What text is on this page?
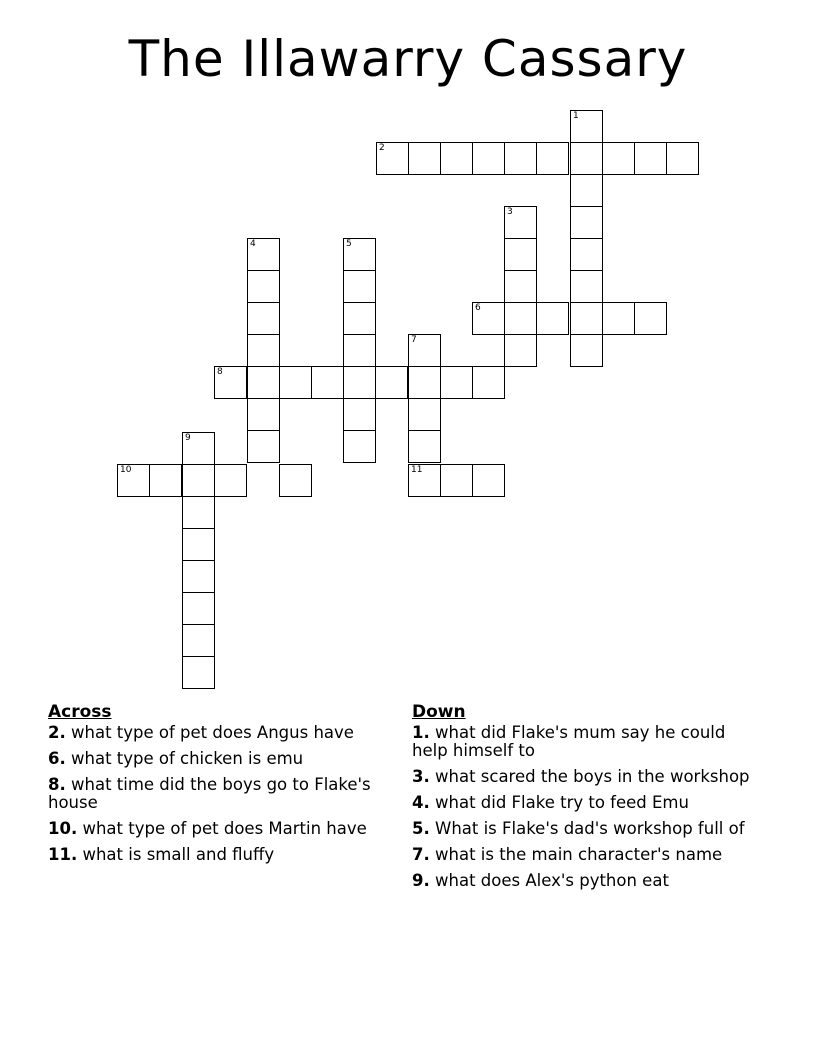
The Illawarry Cassary
1
2
3
4	5
6
7
8
9
10	11
Across
2. what type of pet does Angus have
6. what type of chicken is emu
8. what time did the boys go to Flake's house
10. what type of pet does Martin have
11. what is small and fluffy
Down
1. what did Flake's mum say he could help himself to
3. what scared the boys in the workshop
4. what did Flake try to feed Emu
5. What is Flake's dad's workshop full of
7. what is the main character's name
9. what does Alex's python eat
